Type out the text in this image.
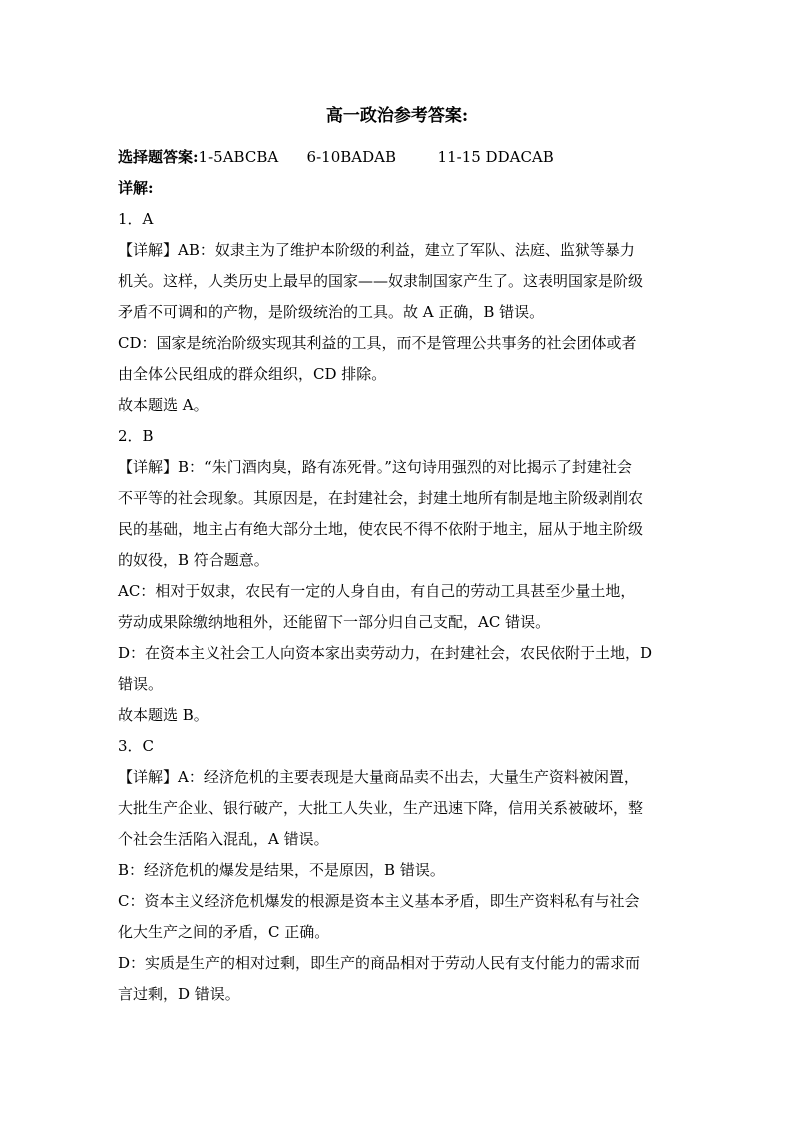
高一政治参考答案:
选择题答案:1-5ABCBA 6-10BADAB	11-15 DDACAB
详解:
1．A
【详解】AB：奴隶主为了维护本阶级的利益，建立了军队、法庭、监狱等暴力
机关。这样，人类历史上最早的国家——奴隶制国家产生了。这表明国家是阶级
矛盾不可调和的产物，是阶级统治的工具。故 A 正确，B 错误。
CD：国家是统治阶级实现其利益的工具，而不是管理公共事务的社会团体或者
由全体公民组成的群众组织，CD 排除。
故本题选 A。
2．B
【详解】B：“朱门酒肉臭，路有冻死骨。”这句诗用强烈的对比揭示了封建社会
不平等的社会现象。其原因是，在封建社会，封建土地所有制是地主阶级剥削农
民的基础，地主占有绝大部分土地，使农民不得不依附于地主，屈从于地主阶级
的奴役，B 符合题意。
AC：相对于奴隶，农民有一定的人身自由，有自己的劳动工具甚至少量土地，
劳动成果除缴纳地租外，还能留下一部分归自己支配，AC 错误。
D：在资本主义社会工人向资本家出卖劳动力，在封建社会，农民依附于土地，D
错误。
故本题选 B。
3．C
【详解】A：经济危机的主要表现是大量商品卖不出去，大量生产资料被闲置，
大批生产企业、银行破产，大批工人失业，生产迅速下降，信用关系被破坏，整
个社会生活陷入混乱，A 错误。
B：经济危机的爆发是结果，不是原因，B 错误。
C：资本主义经济危机爆发的根源是资本主义基本矛盾，即生产资料私有与社会
化大生产之间的矛盾，C 正确。
D：实质是生产的相对过剩，即生产的商品相对于劳动人民有支付能力的需求而
言过剩，D 错误。
